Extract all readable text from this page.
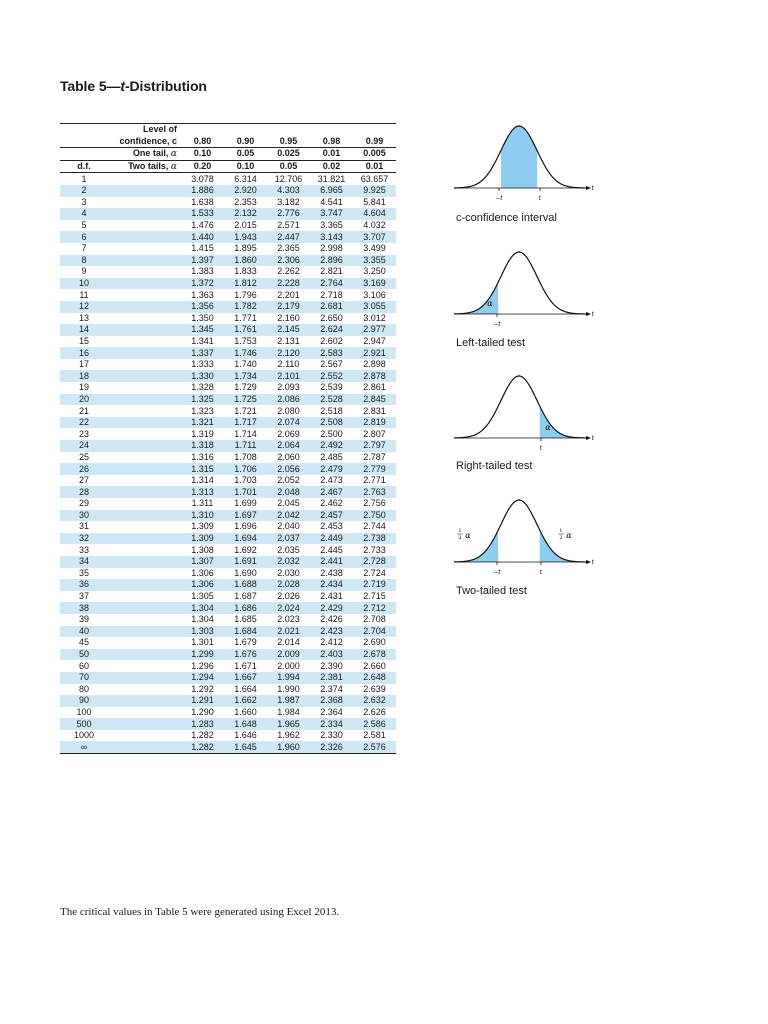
Table 5—t-Distribution
	Level of					
	confidence, c	0.80	0.90	0.95	0.98	0.99
	One tail, α	0.10	0.05	0.025	0.01	0.005
d.f.	Two tails, α	0.20	0.10	0.05	0.02	0.01
1		3.078	6.314	12.706	31.821	63.657
2		1.886	2.920	4.303	6.965	9.925
3		1.638	2.353	3.182	4.541	5.841
4		1.533	2.132	2.776	3.747	4.604
5		1.476	2.015	2.571	3.365	4.032
6		1.440	1.943	2.447	3.143	3.707
7		1.415	1.895	2.365	2.998	3.499
8		1.397	1.860	2.306	2.896	3.355
9		1.383	1.833	2.262	2.821	3.250
10		1.372	1.812	2.228	2.764	3.169
11		1.363	1.796	2.201	2.718	3.106
12		1.356	1.782	2.179	2.681	3.055
13		1.350	1.771	2.160	2.650	3.012
14		1.345	1.761	2.145	2.624	2.977
15		1.341	1.753	2.131	2.602	2.947
16		1.337	1.746	2.120	2.583	2.921
17		1.333	1.740	2.110	2.567	2.898
18		1.330	1.734	2.101	2.552	2.878
19		1.328	1.729	2.093	2.539	2.861
20		1.325	1.725	2.086	2.528	2.845
21		1.323	1.721	2.080	2.518	2.831
22		1.321	1.717	2.074	2.508	2.819
23		1.319	1.714	2.069	2.500	2.807
24		1.318	1.711	2.064	2.492	2.797
25		1.316	1.708	2.060	2.485	2.787
26		1.315	1.706	2.056	2.479	2.779
27		1.314	1.703	2.052	2.473	2.771
28		1.313	1.701	2.048	2.467	2.763
29		1.311	1.699	2.045	2.462	2.756
30		1.310	1.697	2.042	2.457	2.750
31		1.309	1.696	2.040	2.453	2.744
32		1.309	1.694	2.037	2.449	2.738
33		1.308	1.692	2.035	2.445	2.733
34		1.307	1.691	2.032	2.441	2.728
35		1.306	1.690	2.030	2.438	2.724
36		1.306	1.688	2.028	2.434	2.719
37		1.305	1.687	2.026	2.431	2.715
38		1.304	1.686	2.024	2.429	2.712
39		1.304	1.685	2.023	2.426	2.708
40		1.303	1.684	2.021	2.423	2.704
45		1.301	1.679	2.014	2.412	2.690
50		1.299	1.676	2.009	2.403	2.678
60		1.296	1.671	2.000	2.390	2.660
70		1.294	1.667	1.994	2.381	2.648
80		1.292	1.664	1.990	2.374	2.639
90		1.291	1.662	1.987	2.368	2.632
100		1.290	1.660	1.984	2.364	2.626
500		1.283	1.648	1.965	2.334	2.586
1000		1.282	1.646	1.962	2.330	2.581
∞		1.282	1.645	1.960	2.326	2.576
The critical values in Table 5 were generated using Excel 2013.
−t	t
t
c-confidence interval
α
−t
t
Left-tailed test
α
t
t
Right-tailed test
1
2 α	1
2 α
−t	t
t
Two-tailed test
